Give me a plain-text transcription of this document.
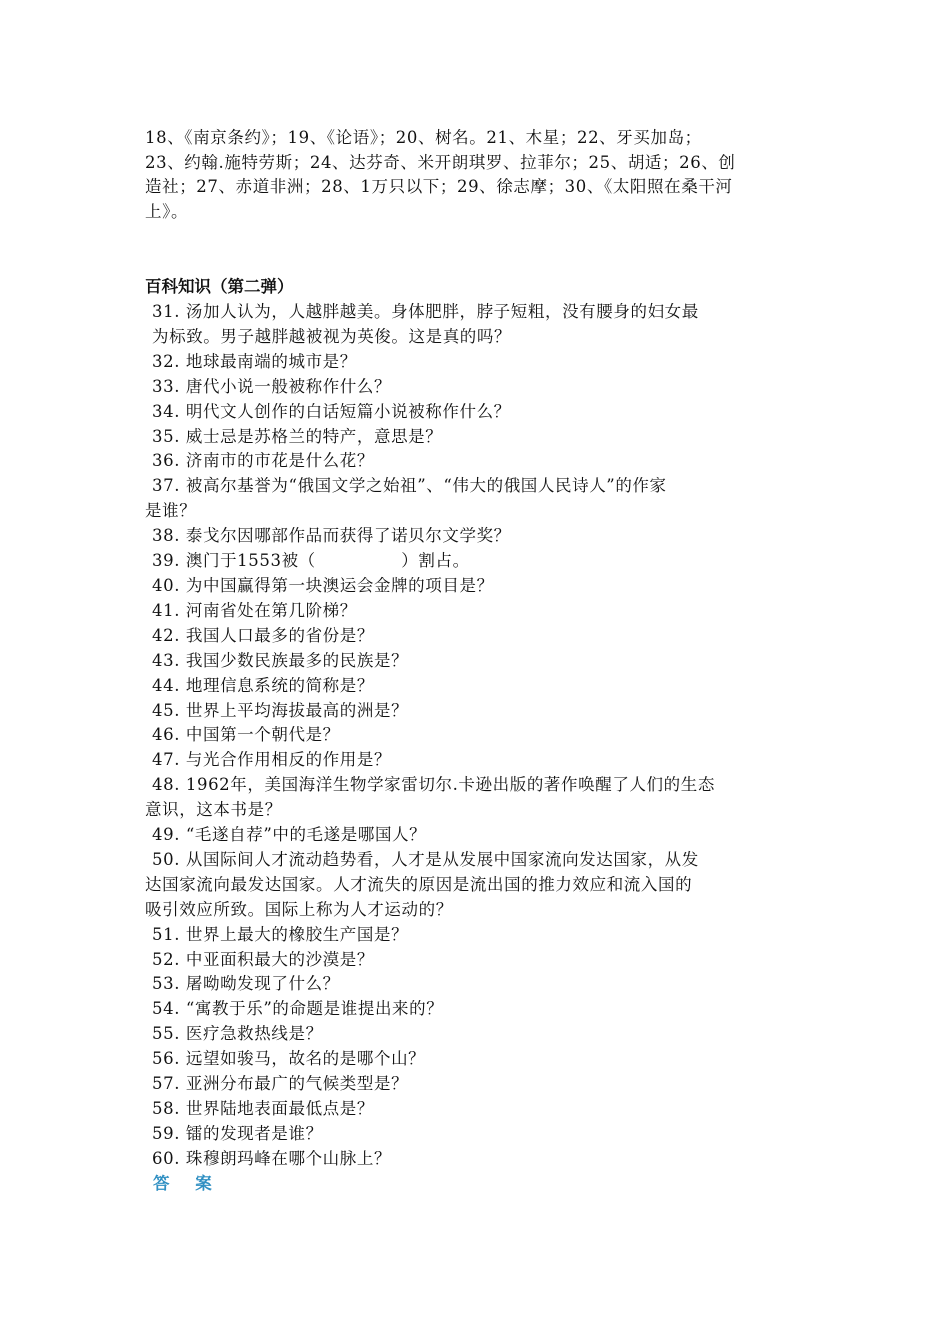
18、《南京条约》；19、《论语》；20、树名。21、木星；22、牙买加岛；
23、约翰.施特劳斯；24、达芬奇、米开朗琪罗、拉菲尔；25、胡适；26、创
造社；27、赤道非洲；28、1万只以下；29、徐志摩；30、《太阳照在桑干河
上》。
百科知识（第二弹）
31. 汤加人认为，人越胖越美。身体肥胖，脖子短粗，没有腰身的妇女最
为标致。男子越胖越被视为英俊。这是真的吗？
32. 地球最南端的城市是？
33. 唐代小说一般被称作什么？
34. 明代文人创作的白话短篇小说被称作什么？
35. 威士忌是苏格兰的特产，意思是？
36. 济南市的市花是什么花？
37. 被高尔基誉为“俄国文学之始祖”、“伟大的俄国人民诗人”的作家
是谁？
38. 泰戈尔因哪部作品而获得了诺贝尔文学奖？
39. 澳门于1553被（　　　　　）割占。
40. 为中国赢得第一块澳运会金牌的项目是？
41. 河南省处在第几阶梯？
42. 我国人口最多的省份是？
43. 我国少数民族最多的民族是？
44. 地理信息系统的简称是？
45. 世界上平均海拔最高的洲是？
46. 中国第一个朝代是？
47. 与光合作用相反的作用是？
48. 1962年，美国海洋生物学家雷切尔.卡逊出版的著作唤醒了人们的生态
意识，这本书是？
49. “毛遂自荐”中的毛遂是哪国人？
50. 从国际间人才流动趋势看，人才是从发展中国家流向发达国家，从发
达国家流向最发达国家。人才流失的原因是流出国的推力效应和流入国的
吸引效应所致。国际上称为人才运动的？
51. 世界上最大的橡胶生产国是？
52. 中亚面积最大的沙漠是？
53. 屠呦呦发现了什么？
54. “寓教于乐”的命题是谁提出来的？
55. 医疗急救热线是？
56. 远望如骏马，故名的是哪个山？
57. 亚洲分布最广的气候类型是？
58. 世界陆地表面最低点是？
59. 镭的发现者是谁？
60. 珠穆朗玛峰在哪个山脉上？
答 案
